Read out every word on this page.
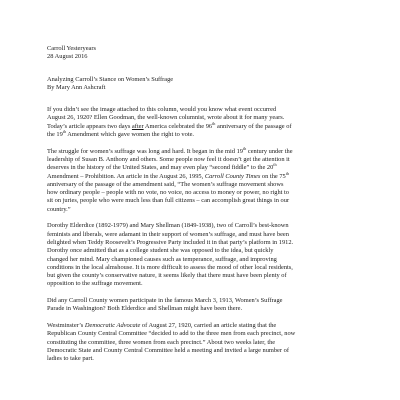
Carroll Yesteryears
28 August 2016
Analyzing Carroll’s Stance on Women’s Suffrage
By Mary Ann Ashcraft
If you didn’t see the image attached to this column, would you know what event occurred
August 26, 1920? Ellen Goodman, the well-known columnist, wrote about it for many years.
Today’s article appears two days after America celebrated the 96th anniversary of the passage of
the 19th Amendment which gave women the right to vote.
The struggle for women’s suffrage was long and hard. It began in the mid 19th century under the
leadership of Susan B. Anthony and others. Some people now feel it doesn’t get the attention it
deserves in the history of the United States, and may even play “second fiddle” to the 20th
Amendment – Prohibition. An article in the August 26, 1995, Carroll County Times on the 75th
anniversary of the passage of the amendment said, “The women’s suffrage movement shows
how ordinary people – people with no vote, no voice, no access to money or power, no right to
sit on juries, people who were much less than full citizens – can accomplish great things in our
country.”
Dorothy Elderdice (1892-1979) and Mary Shellman (1849-1938), two of Carroll’s best-known
feminists and liberals, were adamant in their support of women’s suffrage, and must have been
delighted when Teddy Roosevelt’s Progressive Party included it in that party’s platform in 1912.
Dorothy once admitted that as a college student she was opposed to the idea, but quickly
changed her mind. Mary championed causes such as temperance, suffrage, and improving
conditions in the local almshouse. It is more difficult to assess the mood of other local residents,
but given the county’s conservative nature, it seems likely that there must have been plenty of
opposition to the suffrage movement.
Did any Carroll County women participate in the famous March 3, 1913, Women’s Suffrage
Parade in Washington? Both Elderdice and Shellman might have been there.
Westminster’s Democratic Advocate of August 27, 1920, carried an article stating that the
Republican County Central Committee “decided to add to the three men from each precinct, now
constituting the committee, three women from each precinct.” About two weeks later, the
Democratic State and County Central Committee held a meeting and invited a large number of
ladies to take part.
